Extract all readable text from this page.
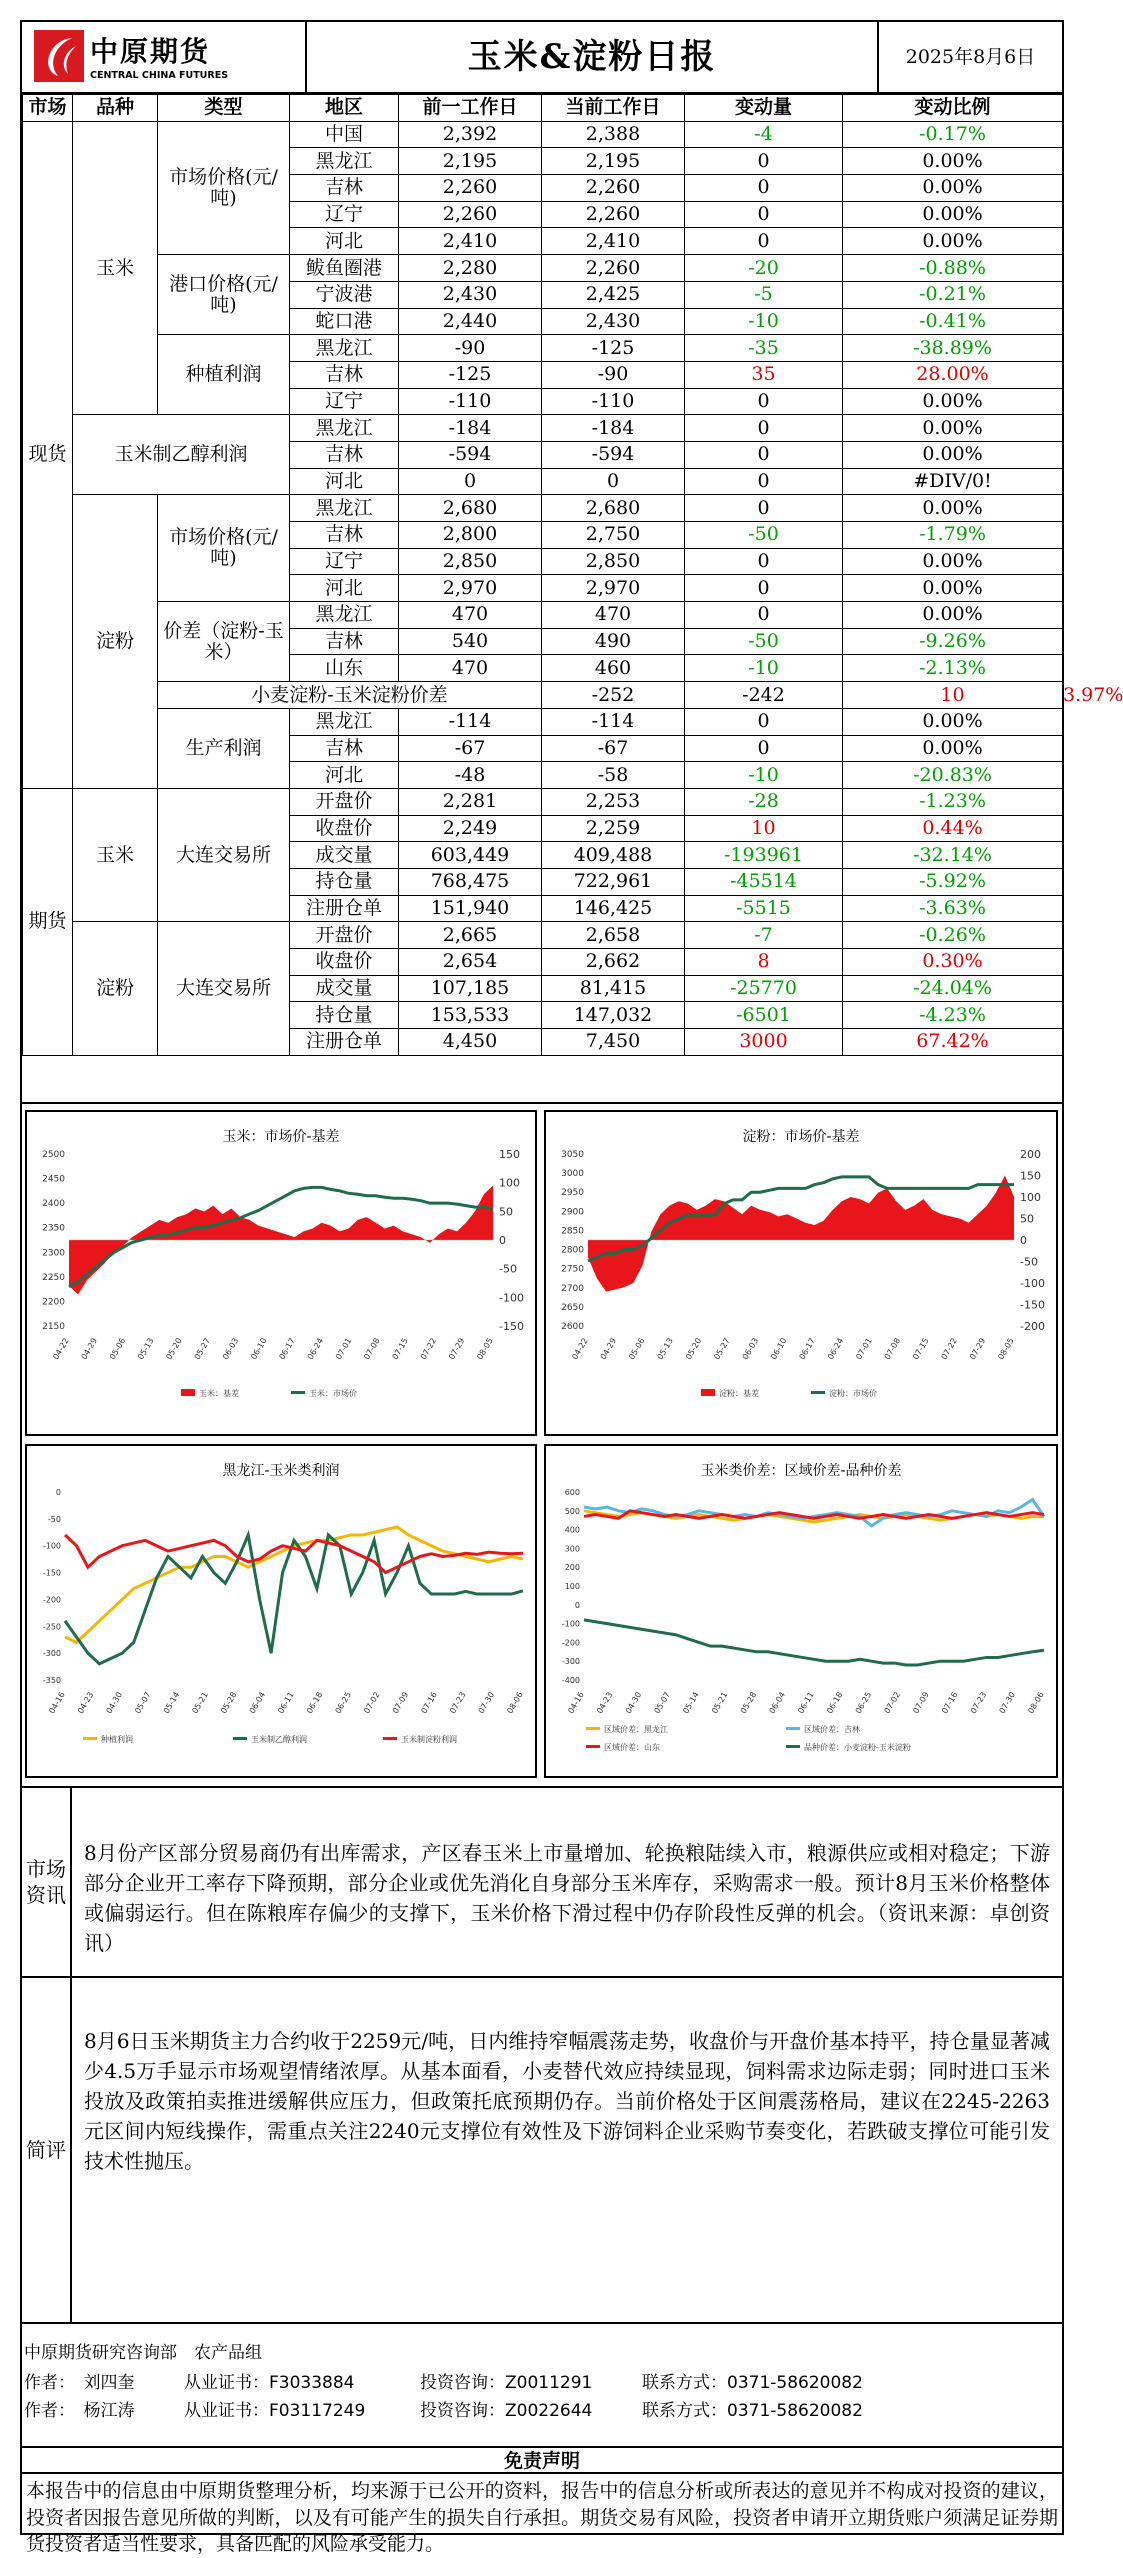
中原期货
CENTRAL CHINA FUTURES	玉米&淀粉日报	2025年8月6日
市场	品种	类型	地区	前一工作日	当前工作日	变动量	变动比例	
现货	玉米	市场价格(元/吨)	中国	2,392	2,388	-4	-0.17%	
			黑龙江	2,195	2,195	0	0.00%	
			吉林	2,260	2,260	0	0.00%	
			辽宁	2,260	2,260	0	0.00%	
			河北	2,410	2,410	0	0.00%	
		港口价格(元/吨)	鲅鱼圈港	2,280	2,260	-20	-0.88%	
			宁波港	2,430	2,425	-5	-0.21%	
			蛇口港	2,440	2,430	-10	-0.41%	
		种植利润	黑龙江	-90	-125	-35	-38.89%	
			吉林	-125	-90	35	28.00%	
			辽宁	-110	-110	0	0.00%	
	玉米制乙醇利润		黑龙江	-184	-184	0	0.00%	
			吉林	-594	-594	0	0.00%	
			河北	0	0	0	#DIV/0!	
	淀粉	市场价格(元/吨)	黑龙江	2,680	2,680	0	0.00%	
			吉林	2,800	2,750	-50	-1.79%	
			辽宁	2,850	2,850	0	0.00%	
			河北	2,970	2,970	0	0.00%	
		价差（淀粉-玉米）	黑龙江	470	470	0	0.00%	
			吉林	540	490	-50	-9.26%	
			山东	470	460	-10	-2.13%	
		小麦淀粉-玉米淀粉价差			-252	-242	10	3.97%
		生产利润	黑龙江	-114	-114	0	0.00%	
			吉林	-67	-67	0	0.00%	
			河北	-48	-58	-10	-20.83%	
期货	玉米	大连交易所	开盘价	2,281	2,253	-28	-1.23%	
			收盘价	2,249	2,259	10	0.44%	
			成交量	603,449	409,488	-193961	-32.14%	
			持仓量	768,475	722,961	-45514	-5.92%	
			注册仓单	151,940	146,425	-5515	-3.63%	
	淀粉	大连交易所	开盘价	2,665	2,658	-7	-0.26%	
			收盘价	2,654	2,662	8	0.30%	
			成交量	107,185	81,415	-25770	-24.04%	
			持仓量	153,533	147,032	-6501	-4.23%	
			注册仓单	4,450	7,450	3000	67.42%	
玉米：市场价-基差
2150
2200
2250
2300
2350
2400
2450
2500
-150
-100
-50
0
50
100
150
04-22 04-29 05-06 05-13 05-20 05-27 06-03 06-10 06-17 06-24 07-01 07-08 07-15 07-22 07-29 08-05
玉米：基差	玉米：市场价
淀粉：市场价-基差
2600
2650
2700
2750
2800
2850
2900
2950
3000
3050
-200
-150
-100
-50
0
50
100
150
200
04-22 04-29 05-06 05-13 05-20 05-27 06-03 06-10 06-17 06-24 07-01 07-08 07-15 07-22 07-29 08-05
淀粉：基差	淀粉：市场价
黑龙江-玉米类利润
-350
-300
-250
-200
-150
-100
-50
0
04-16 04-23 04-30 05-07 05-14 05-21 05-28 06-04 06-11 06-18 06-25 07-02 07-09 07-16 07-23 07-30 08-06
种植利润	玉米制乙醇利润	玉米制淀粉利润
玉米类价差：区域价差-品种价差
-400
-300
-200
-100
0
100
200
300
400
500
600
04-16 04-23 04-30 05-07 05-14 05-21 05-28 06-04 06-11 06-18 06-25 07-02 07-09 07-16 07-23 07-30 08-06
区域价差：黑龙江	区域价差：吉林
区域价差：山东	品种价差：小麦淀粉-玉米淀粉
市场资讯
8月份产区部分贸易商仍有出库需求，产区春玉米上市量增加、轮换粮陆续入市，粮源供应或相对稳定；下游部分企业开工率存下降预期，部分企业或优先消化自身部分玉米库存，采购需求一般。预计8月玉米价格整体或偏弱运行。但在陈粮库存偏少的支撑下，玉米价格下滑过程中仍存阶段性反弹的机会。（资讯来源：卓创资讯）
简评
8月6日玉米期货主力合约收于2259元/吨，日内维持窄幅震荡走势，收盘价与开盘价基本持平，持仓量显著减少4.5万手显示市场观望情绪浓厚。从基本面看，小麦替代效应持续显现，饲料需求边际走弱；同时进口玉米投放及政策拍卖推进缓解供应压力，但政策托底预期仍存。当前价格处于区间震荡格局，建议在2245-2263元区间内短线操作，需重点关注2240元支撑位有效性及下游饲料企业采购节奏变化，若跌破支撑位可能引发技术性抛压。
中原期货研究咨询部　农产品组
作者：　刘四奎	从业证书：F3033884	投资咨询：Z0011291	联系方式：0371-58620082
作者：　杨江涛	从业证书：F03117249	投资咨询：Z0022644	联系方式：0371-58620082
免责声明
本报告中的信息由中原期货整理分析，均来源于已公开的资料，报告中的信息分析或所表达的意见并不构成对投资的建议，投资者因报告意见所做的判断，以及有可能产生的损失自行承担。期货交易有风险，投资者申请开立期货账户须满足证券期货投资者适当性要求，具备匹配的风险承受能力。
